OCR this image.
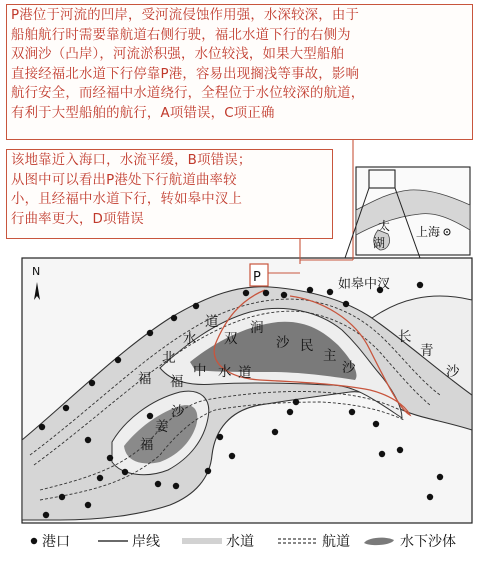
P
N
如皋中汊
双
涧
沙 民
主
沙
长
青
沙
福
北
水
道
福
中 水 道
福
姜
沙
太
湖
上海
P港位于河流的凹岸，受河流侵蚀作用强，水深较深，由于
船舶航行时需要靠航道右侧行驶，福北水道下行的右侧为
双涧沙（凸岸），河流淤积强，水位较浅，如果大型船舶
直接经福北水道下行停靠P港，容易出现搁浅等事故，影响
航行安全，而经福中水道绕行，全程位于水位较深的航道，
有利于大型船舶的航行，A项错误，C项正确
该地靠近入海口，水流平缓，B项错误；
从图中可以看出P港处下行航道曲率较
小，且经福中水道下行，转如皋中汊上
行曲率更大，D项错误
港口	岸线	水道	航道	水下沙体
